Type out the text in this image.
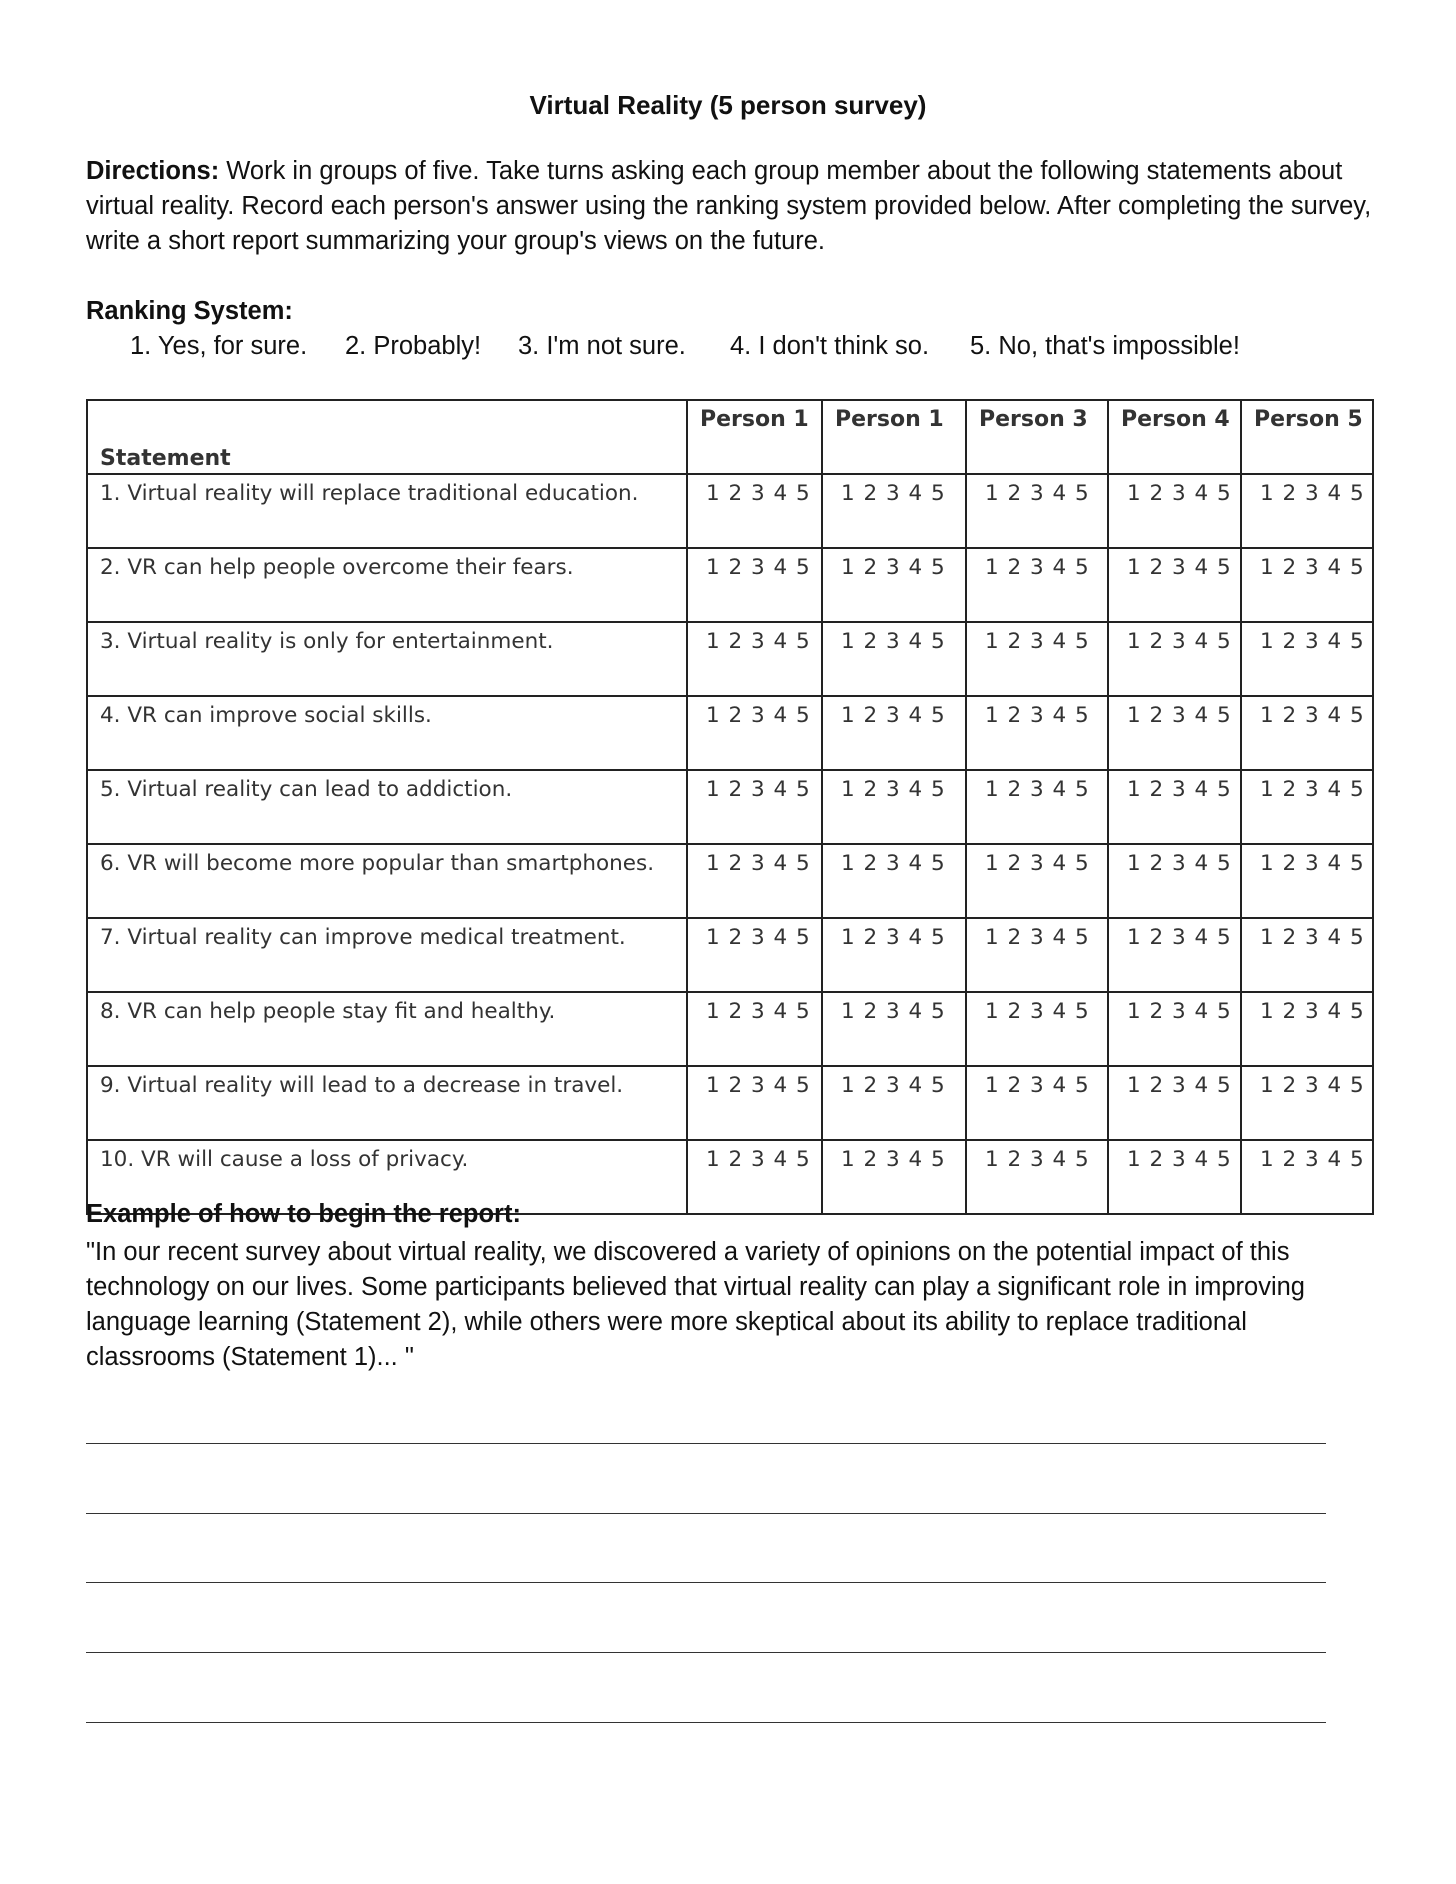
Virtual Reality (5 person survey)
Directions: Work in groups of five. Take turns asking each group member about the following statements about virtual reality. Record each person's answer using the ranking system provided below. After completing the survey, write a short report summarizing your group's views on the future.
Ranking System:
1. Yes, for sure. 2. Probably! 3. I'm not sure. 4. I don't think so. 5. No, that's impossible!
Statement	Person 1	Person 1	Person 3	Person 4	Person 5
1. Virtual reality will replace traditional education.	1 2 3 4 5	1 2 3 4 5	1 2 3 4 5	1 2 3 4 5	1 2 3 4 5
2. VR can help people overcome their fears.	1 2 3 4 5	1 2 3 4 5	1 2 3 4 5	1 2 3 4 5	1 2 3 4 5
3. Virtual reality is only for entertainment.	1 2 3 4 5	1 2 3 4 5	1 2 3 4 5	1 2 3 4 5	1 2 3 4 5
4. VR can improve social skills.	1 2 3 4 5	1 2 3 4 5	1 2 3 4 5	1 2 3 4 5	1 2 3 4 5
5. Virtual reality can lead to addiction.	1 2 3 4 5	1 2 3 4 5	1 2 3 4 5	1 2 3 4 5	1 2 3 4 5
6. VR will become more popular than smartphones.	1 2 3 4 5	1 2 3 4 5	1 2 3 4 5	1 2 3 4 5	1 2 3 4 5
7. Virtual reality can improve medical treatment.	1 2 3 4 5	1 2 3 4 5	1 2 3 4 5	1 2 3 4 5	1 2 3 4 5
8. VR can help people stay fit and healthy.	1 2 3 4 5	1 2 3 4 5	1 2 3 4 5	1 2 3 4 5	1 2 3 4 5
9. Virtual reality will lead to a decrease in travel.	1 2 3 4 5	1 2 3 4 5	1 2 3 4 5	1 2 3 4 5	1 2 3 4 5
10. VR will cause a loss of privacy.	1 2 3 4 5	1 2 3 4 5	1 2 3 4 5	1 2 3 4 5	1 2 3 4 5
Example of how to begin the report:
"In our recent survey about virtual reality, we discovered a variety of opinions on the potential impact of this technology on our lives. Some participants believed that virtual reality can play a significant role in improving language learning (Statement 2), while others were more skeptical about its ability to replace traditional classrooms (Statement 1)... "
